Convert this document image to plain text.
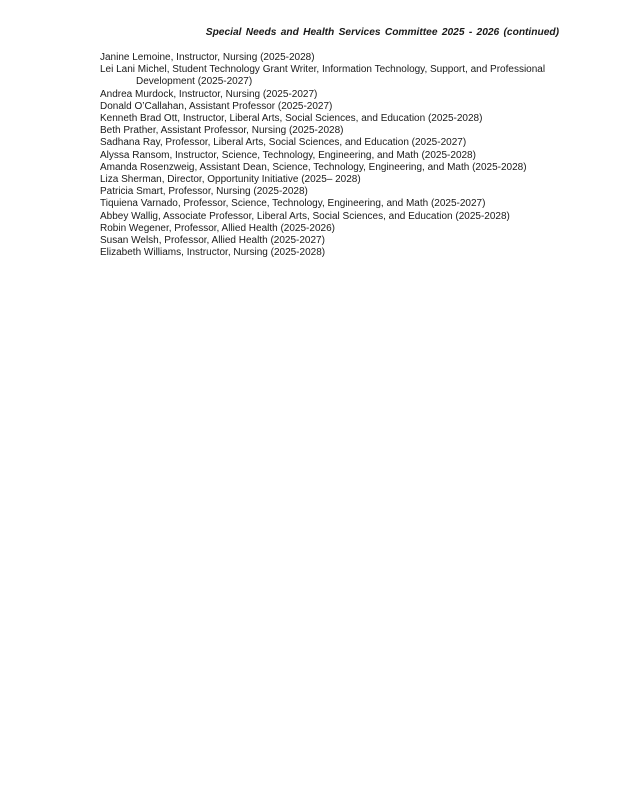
Special Needs and Health Services Committee 2025 - 2026 (continued)
Janine Lemoine, Instructor, Nursing (2025-2028)
Lei Lani Michel, Student Technology Grant Writer, Information Technology, Support, and Professional Development (2025-2027)
Andrea Murdock, Instructor, Nursing (2025-2027)
Donald O’Callahan, Assistant Professor (2025-2027)
Kenneth Brad Ott, Instructor, Liberal Arts, Social Sciences, and Education (2025-2028)
Beth Prather, Assistant Professor, Nursing (2025-2028)
Sadhana Ray, Professor, Liberal Arts, Social Sciences, and Education (2025-2027)
Alyssa Ransom, Instructor, Science, Technology, Engineering, and Math (2025-2028)
Amanda Rosenzweig, Assistant Dean, Science, Technology, Engineering, and Math (2025-2028)
Liza Sherman, Director, Opportunity Initiative (2025– 2028)
Patricia Smart, Professor, Nursing (2025-2028)
Tiquiena Varnado, Professor, Science, Technology, Engineering, and Math (2025-2027)
Abbey Wallig, Associate Professor, Liberal Arts, Social Sciences, and Education (2025-2028)
Robin Wegener, Professor, Allied Health (2025-2026)
Susan Welsh, Professor, Allied Health (2025-2027)
Elizabeth Williams, Instructor, Nursing (2025-2028)
